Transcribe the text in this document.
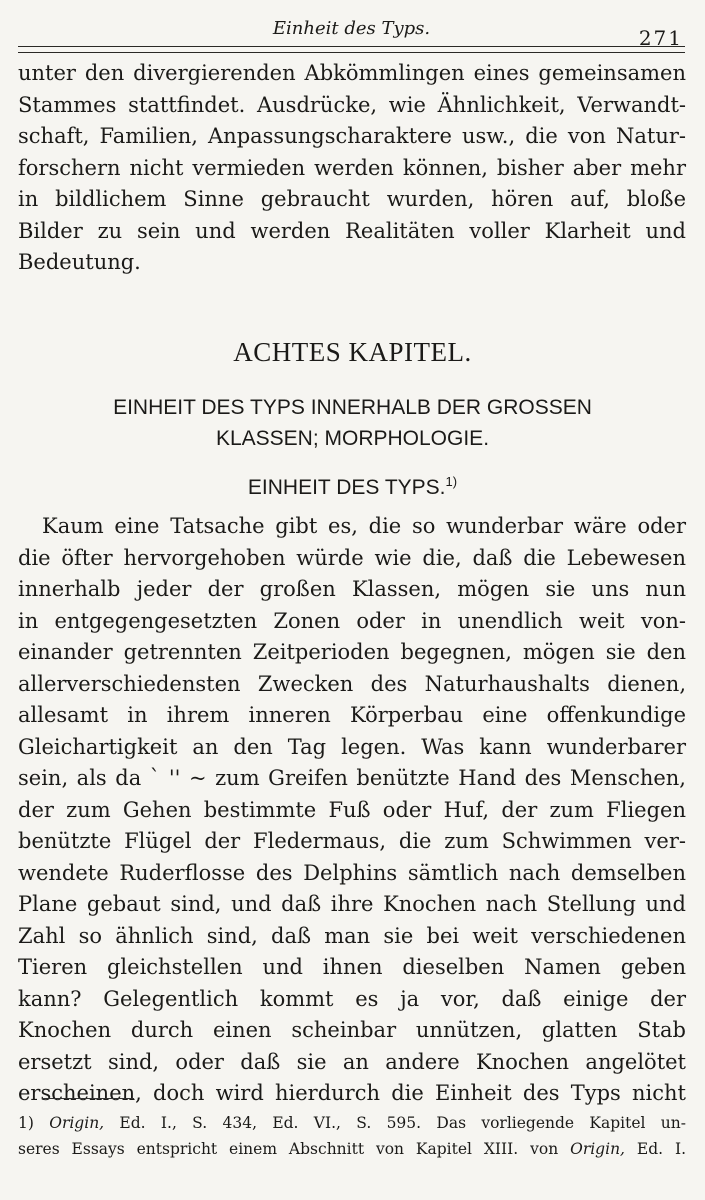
Einheit des Typs.	271
unter den divergierenden Abkömmlingen eines gemeinsamen
Stammes stattfindet. Ausdrücke, wie Ähnlichkeit, Verwandt-
schaft, Familien, Anpassungscharaktere usw., die von Natur-
forschern nicht vermieden werden können, bisher aber mehr
in bildlichem Sinne gebraucht wurden, hören auf, bloße
Bilder zu sein und werden Realitäten voller Klarheit und
Bedeutung.
ACHTES KAPITEL.
EINHEIT DES TYPS INNERHALB DER GROSSEN
KLASSEN; MORPHOLOGIE.
EINHEIT DES TYPS.$^{1)}$
Kaum eine Tatsache gibt es, die so wunderbar wäre oder
die öfter hervorgehoben würde wie die, daß die Lebewesen
innerhalb jeder der großen Klassen, mögen sie uns nun
in entgegengesetzten Zonen oder in unendlich weit von-
einander getrennten Zeitperioden begegnen, mögen sie den
allerverschiedensten Zwecken des Naturhaushalts dienen,
allesamt in ihrem inneren Körperbau eine offenkundige
Gleichartigkeit an den Tag legen. Was kann wunderbarer
sein, als da ` '' ~ zum Greifen benützte Hand des Menschen,
der zum Gehen bestimmte Fuß oder Huf, der zum Fliegen
benützte Flügel der Fledermaus, die zum Schwimmen ver-
wendete Ruderflosse des Delphins sämtlich nach demselben
Plane gebaut sind, und daß ihre Knochen nach Stellung und
Zahl so ähnlich sind, daß man sie bei weit verschiedenen
Tieren gleichstellen und ihnen dieselben Namen geben
kann? Gelegentlich kommt es ja vor, daß einige der
Knochen durch einen scheinbar unnützen, glatten Stab
ersetzt sind, oder daß sie an andere Knochen angelötet
erscheinen, doch wird hierdurch die Einheit des Typs nicht
1) Origin, Ed. I., S. 434, Ed. VI., S. 595. Das vorliegende Kapitel un-
seres Essays entspricht einem Abschnitt von Kapitel XIII. von Origin, Ed. I.
